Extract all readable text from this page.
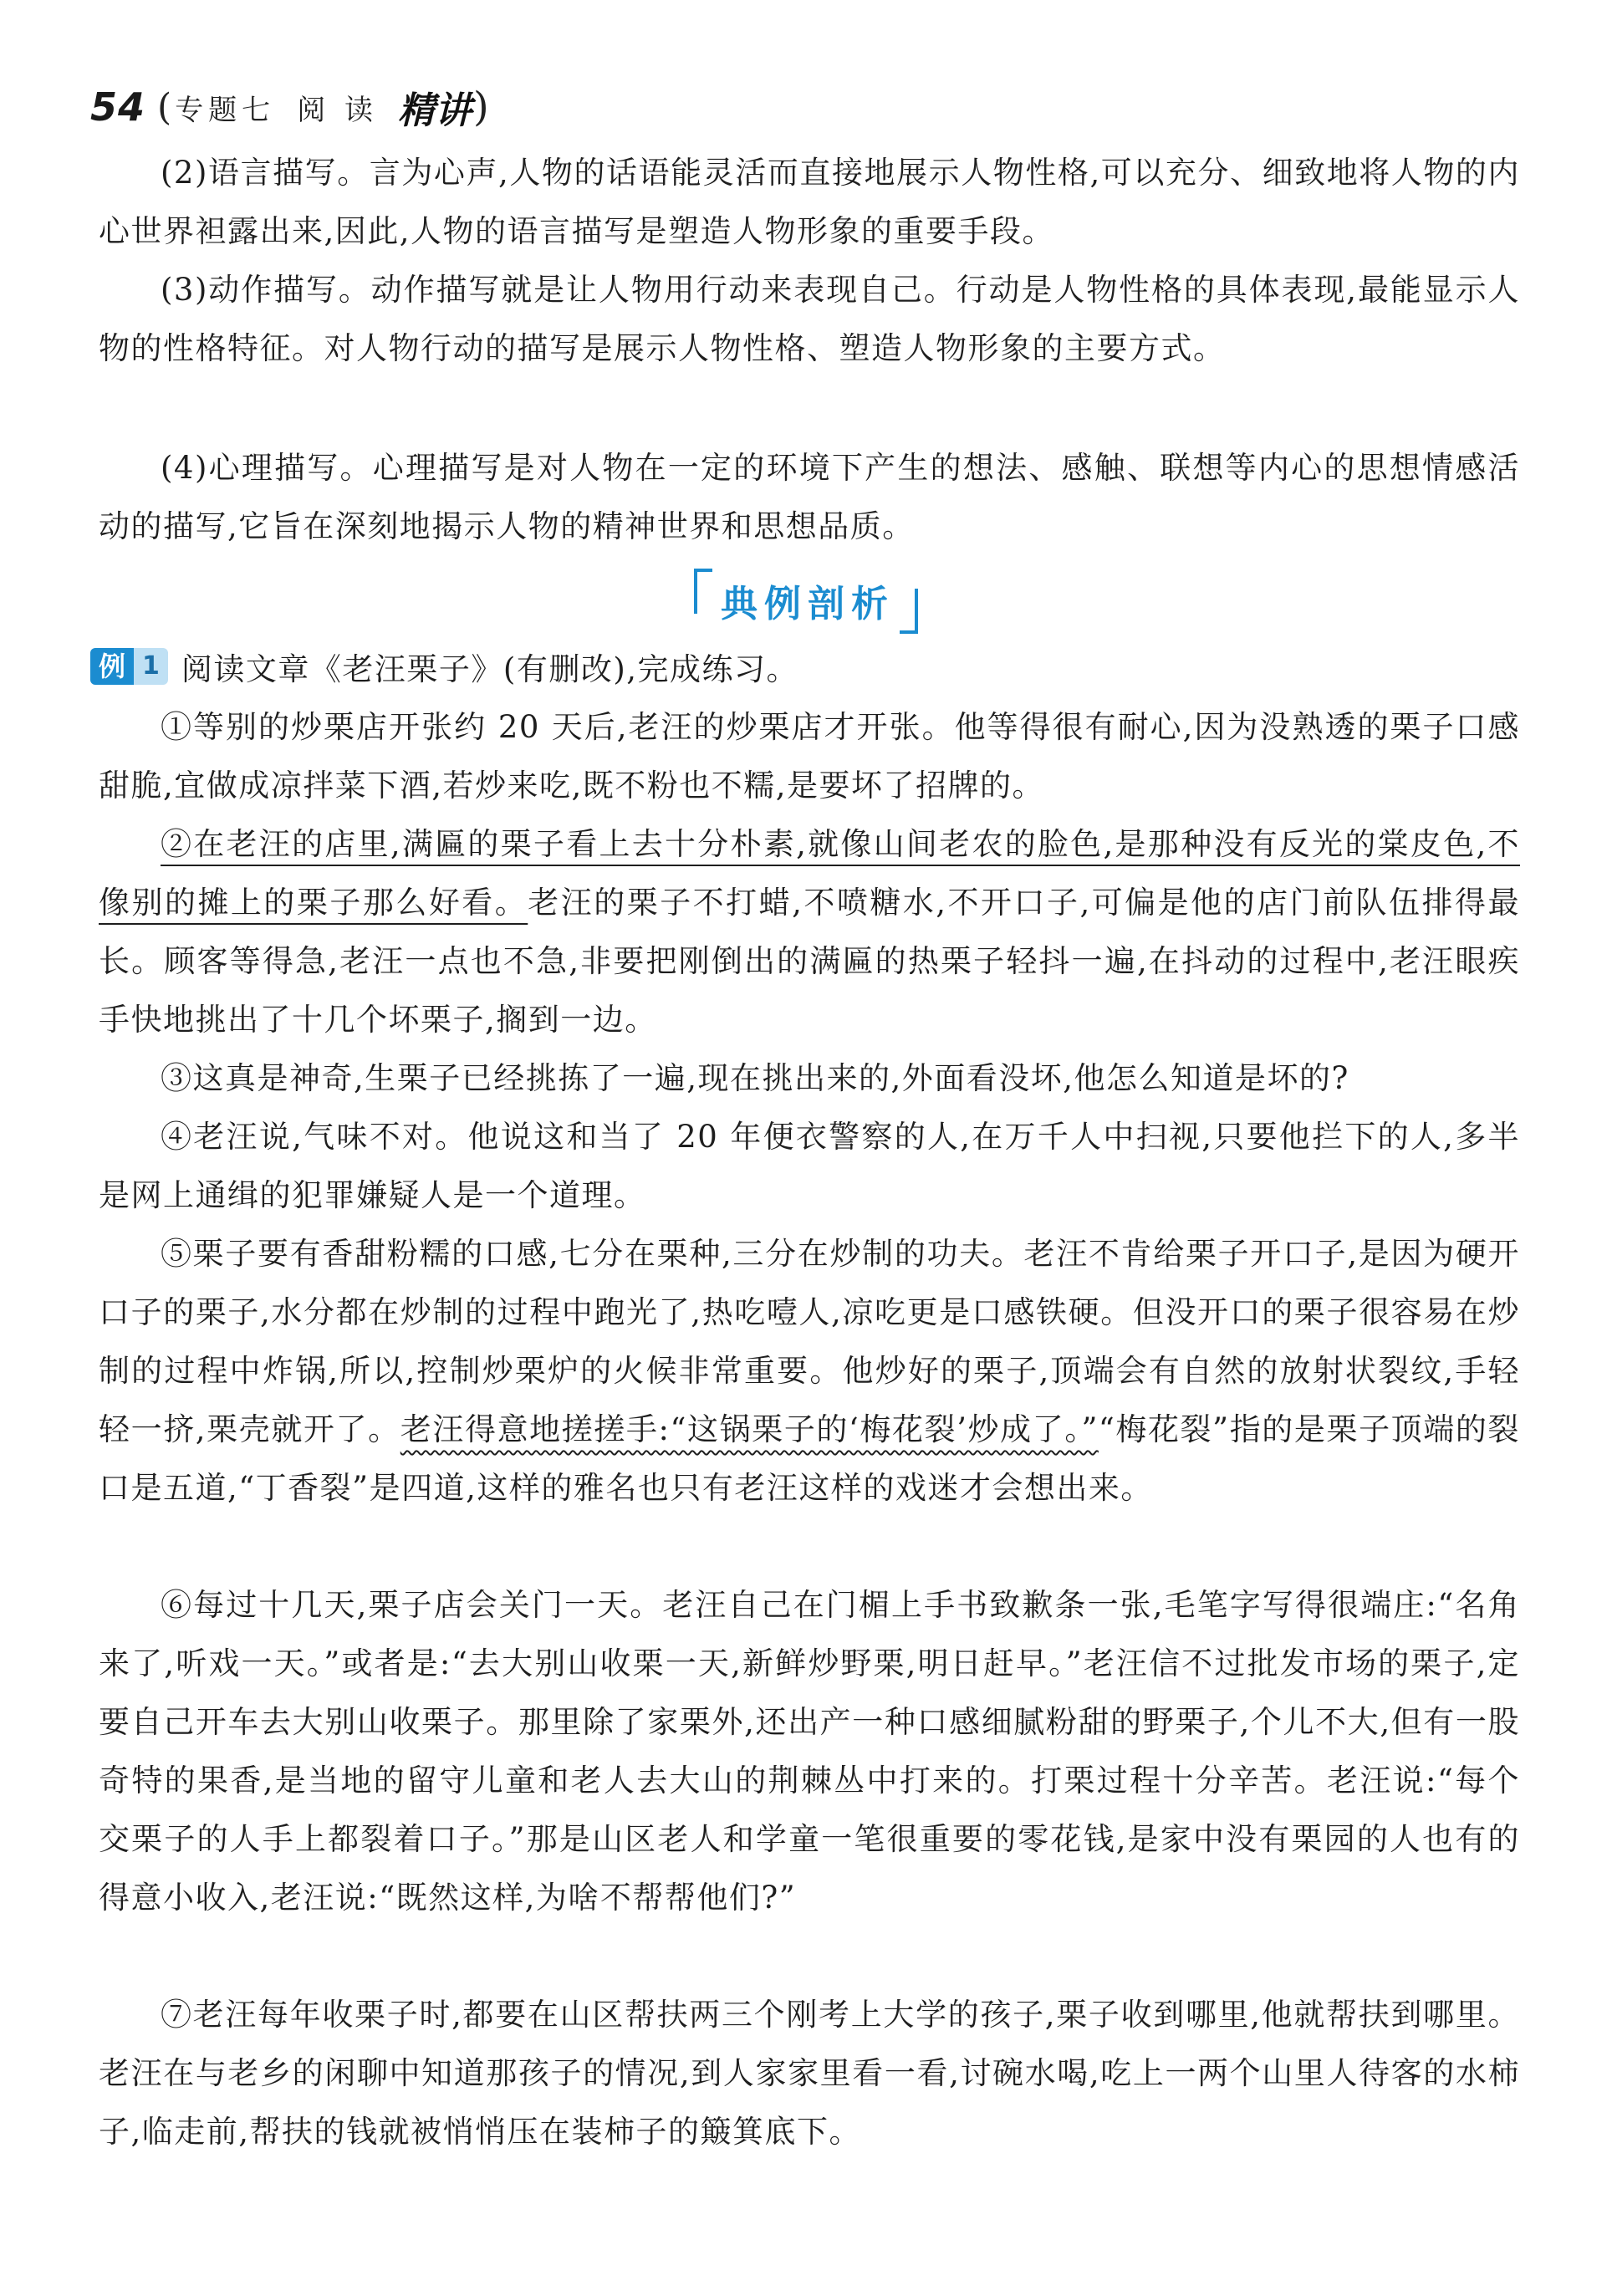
54 ( 专题七 阅 读 精讲 )

(2)语言描写。言为心声,人物的话语能灵活而直接地展示人物性格,可以充分、细致地将人物的内心世界袒露出来,因此,人物的语言描写是塑造人物形象的重要手段。

(3)动作描写。动作描写就是让人物用行动来表现自己。行动是人物性格的具体表现,最能显示人物的性格特征。对人物行动的描写是展示人物性格、塑造人物形象的主要方式。

(4)心理描写。心理描写是对人物在一定的环境下产生的想法、感触、联想等内心的思想情感活动的描写,它旨在深刻地揭示人物的精神世界和思想品质。

典例剖析
例 1 阅读文章《老汪栗子》(有删改),完成练习。

①等别的炒栗店开张约 20 天后,老汪的炒栗店才开张。他等得很有耐心,因为没熟透的栗子口感甜脆,宜做成凉拌菜下酒,若炒来吃,既不粉也不糯,是要坏了招牌的。

②在老汪的店里,满匾的栗子看上去十分朴素,就像山间老农的脸色,是那种没有反光的棠皮色,不像别的摊上的栗子那么好看。老汪的栗子不打蜡,不喷糖水,不开口子,可偏是他的店门前队伍排得最长。顾客等得急,老汪一点也不急,非要把刚倒出的满匾的热栗子轻抖一遍,在抖动的过程中,老汪眼疾手快地挑出了十几个坏栗子,搁到一边。

③这真是神奇,生栗子已经挑拣了一遍,现在挑出来的,外面看没坏,他怎么知道是坏的?

④老汪说,气味不对。他说这和当了 20 年便衣警察的人,在万千人中扫视,只要他拦下的人,多半是网上通缉的犯罪嫌疑人是一个道理。

⑤栗子要有香甜粉糯的口感,七分在栗种,三分在炒制的功夫。老汪不肯给栗子开口子,是因为硬开口子的栗子,水分都在炒制的过程中跑光了,热吃噎人,凉吃更是口感铁硬。但没开口的栗子很容易在炒制的过程中炸锅,所以,控制炒栗炉的火候非常重要。他炒好的栗子,顶端会有自然的放射状裂纹,手轻轻一挤,栗壳就开了。老汪得意地搓搓手:“这锅栗子的‘梅花裂’炒成了。”“梅花裂”指的是栗子顶端的裂口是五道,“丁香裂”是四道,这样的雅名也只有老汪这样的戏迷才会想出来。

⑥每过十几天,栗子店会关门一天。老汪自己在门楣上手书致歉条一张,毛笔字写得很端庄:“名角来了,听戏一天。”或者是:“去大别山收栗一天,新鲜炒野栗,明日赶早。”老汪信不过批发市场的栗子,定要自己开车去大别山收栗子。那里除了家栗外,还出产一种口感细腻粉甜的野栗子,个儿不大,但有一股奇特的果香,是当地的留守儿童和老人去大山的荆棘丛中打来的。打栗过程十分辛苦。老汪说:“每个交栗子的人手上都裂着口子。”那是山区老人和学童一笔很重要的零花钱,是家中没有栗园的人也有的得意小收入,老汪说:“既然这样,为啥不帮帮他们?”

⑦老汪每年收栗子时,都要在山区帮扶两三个刚考上大学的孩子,栗子收到哪里,他就帮扶到哪里。老汪在与老乡的闲聊中知道那孩子的情况,到人家家里看一看,讨碗水喝,吃上一两个山里人待客的水柿子,临走前,帮扶的钱就被悄悄压在装柿子的簸箕底下。
